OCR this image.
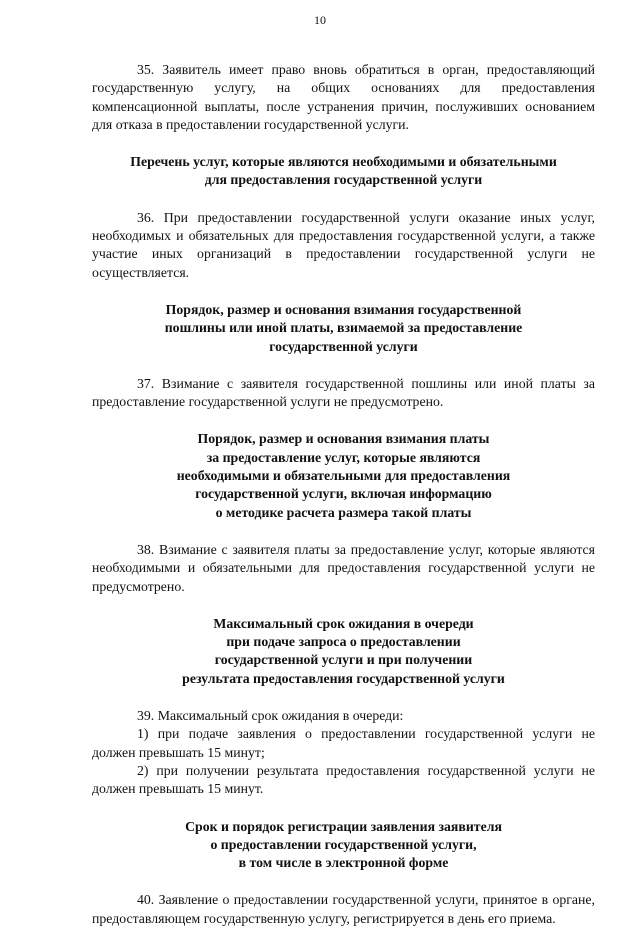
10

35. Заявитель имеет право вновь обратиться в орган, предоставляющий государственную услугу, на общих основаниях для предоставления компенсационной выплаты, после устранения причин, послуживших основанием для отказа в предоставлении государственной услуги.

Перечень услуг, которые являются необходимыми и обязательными
для предоставления государственной услуги

36. При предоставлении государственной услуги оказание иных услуг, необходимых и обязательных для предоставления государственной услуги, а также участие иных организаций в предоставлении государственной услуги не осуществляется.

Порядок, размер и основания взимания государственной
пошлины или иной платы, взимаемой за предоставление
государственной услуги

37. Взимание с заявителя государственной пошлины или иной платы за предоставление государственной услуги не предусмотрено.

Порядок, размер и основания взимания платы
за предоставление услуг, которые являются
необходимыми и обязательными для предоставления
государственной услуги, включая информацию
о методике расчета размера такой платы

38. Взимание с заявителя платы за предоставление услуг, которые являются необходимыми и обязательными для предоставления государственной услуги не предусмотрено.

Максимальный срок ожидания в очереди
при подаче запроса о предоставлении
государственной услуги и при получении
результата предоставления государственной услуги

39. Максимальный срок ожидания в очереди:

1) при подаче заявления о предоставлении государственной услуги не должен превышать 15 минут;

2) при получении результата предоставления государственной услуги не должен превышать 15 минут.

Срок и порядок регистрации заявления заявителя
о предоставлении государственной услуги,
в том числе в электронной форме

40. Заявление о предоставлении государственной услуги, принятое в органе, предоставляющем государственную услугу, регистрируется в день его приема.
